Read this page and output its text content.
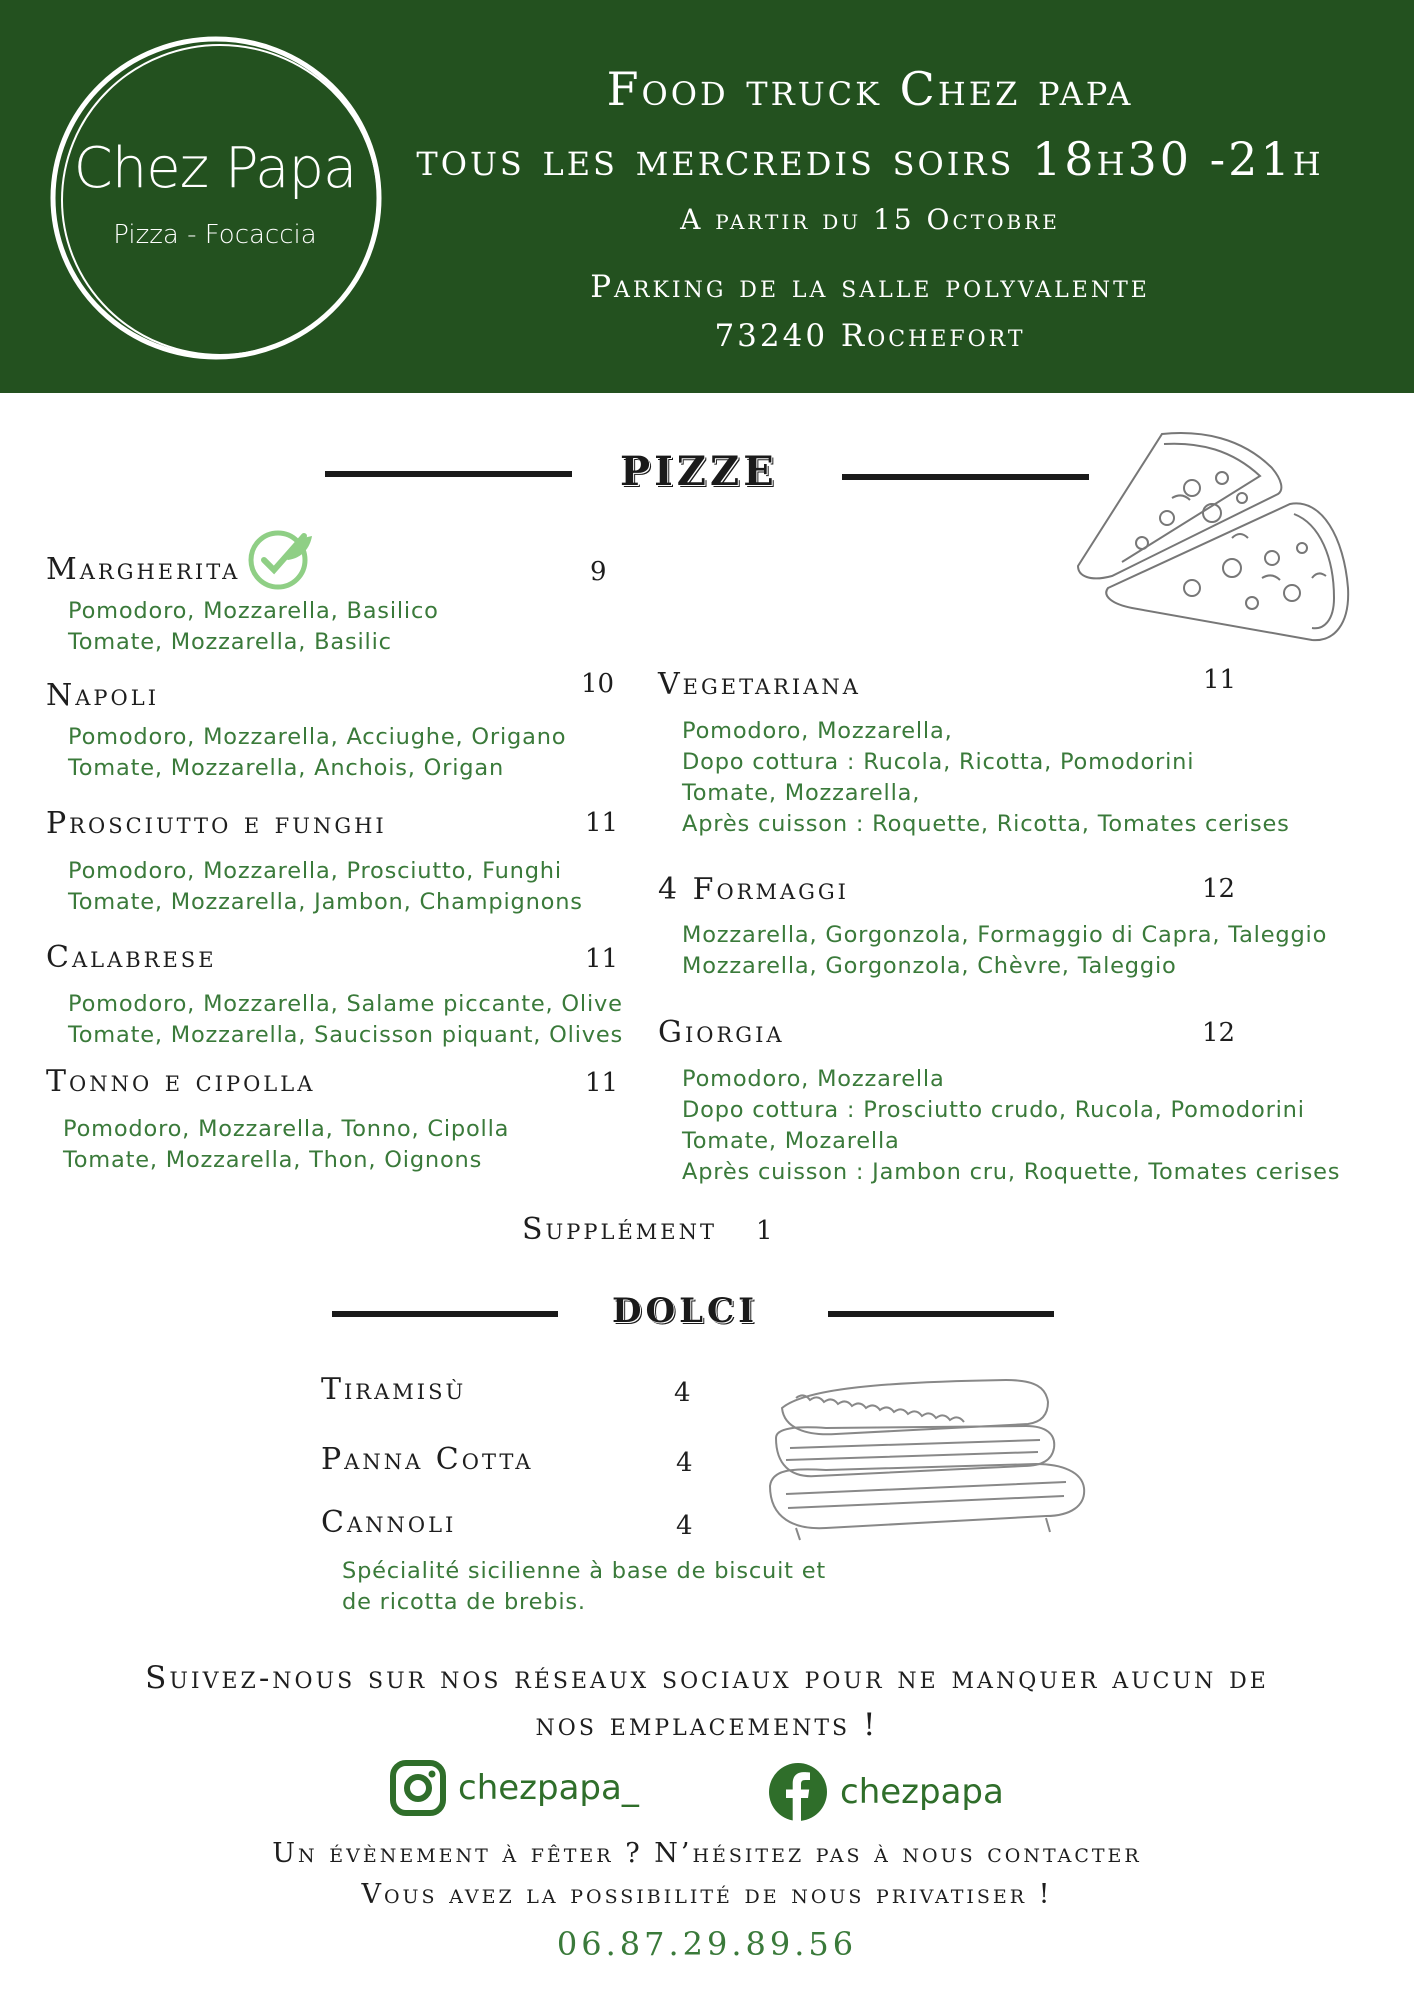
Chez Papa
Pizza - Focaccia
Food truck Chez papa
tous les mercredis soirs 18h30 -21h
A partir du 15 Octobre
Parking de la salle polyvalente
73240 Rochefort
PIZZE
Margherita	9
Pomodoro, Mozzarella, Basilico
Tomate, Mozzarella, Basilic
Napoli	10
Pomodoro, Mozzarella, Acciughe, Origano
Tomate, Mozzarella, Anchois, Origan
Prosciutto e funghi	11
Pomodoro, Mozzarella, Prosciutto, Funghi
Tomate, Mozzarella, Jambon, Champignons
Calabrese	11
Pomodoro, Mozzarella, Salame piccante, Olive
Tomate, Mozzarella, Saucisson piquant, Olives
Tonno e cipolla	11
Pomodoro, Mozzarella, Tonno, Cipolla
Tomate, Mozzarella, Thon, Oignons
Vegetariana	11
Pomodoro, Mozzarella,
Dopo cottura : Rucola, Ricotta, Pomodorini
Tomate, Mozzarella,
Après cuisson : Roquette, Ricotta, Tomates cerises
4 Formaggi	12
Mozzarella, Gorgonzola, Formaggio di Capra, Taleggio
Mozzarella, Gorgonzola, Chèvre, Taleggio
Giorgia	12
Pomodoro, Mozzarella
Dopo cottura : Prosciutto crudo, Rucola, Pomodorini
Tomate, Mozarella
Après cuisson : Jambon cru, Roquette, Tomates cerises
Supplément 1
DOLCI
Tiramisù	4
Panna Cotta	4
Cannoli	4
Spécialité sicilienne à base de biscuit et
de ricotta de brebis.
Suivez-nous sur nos réseaux sociaux pour ne manquer aucun de
nos emplacements !
chezpapa_	chezpapa
Un évènement à fêter ? N’hésitez pas à nous contacter
Vous avez la possibilité de nous privatiser !
06.87.29.89.56
